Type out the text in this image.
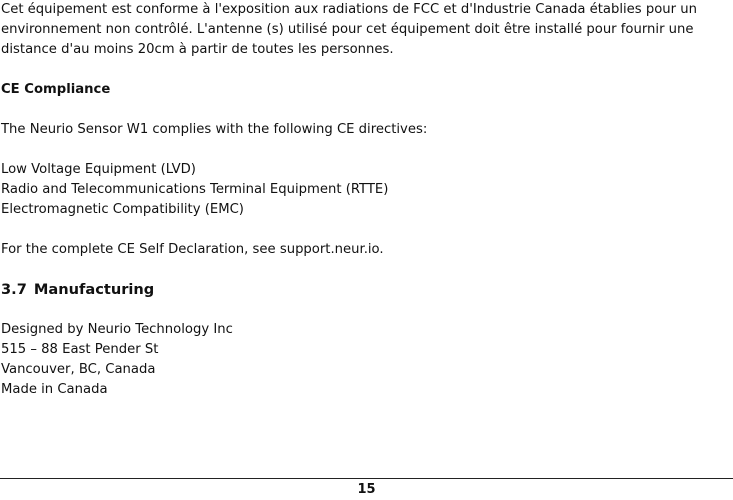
Cet équipement est conforme à l'exposition aux radiations de FCC et d'Industrie Canada établies pour un

environnement non contrôlé. L'antenne (s) utilisé pour cet équipement doit être installé pour fournir une

distance d'au moins 20cm à partir de toutes les personnes.

CE Compliance

The Neurio Sensor W1 complies with the following CE directives:

Low Voltage Equipment (LVD)

Radio and Telecommunications Terminal Equipment (RTTE)

Electromagnetic Compatibility (EMC)

For the complete CE Self Declaration, see support.neur.io.

3.7 Manufacturing

Designed by Neurio Technology Inc

515 – 88 East Pender St

Vancouver, BC, Canada

Made in Canada

15
